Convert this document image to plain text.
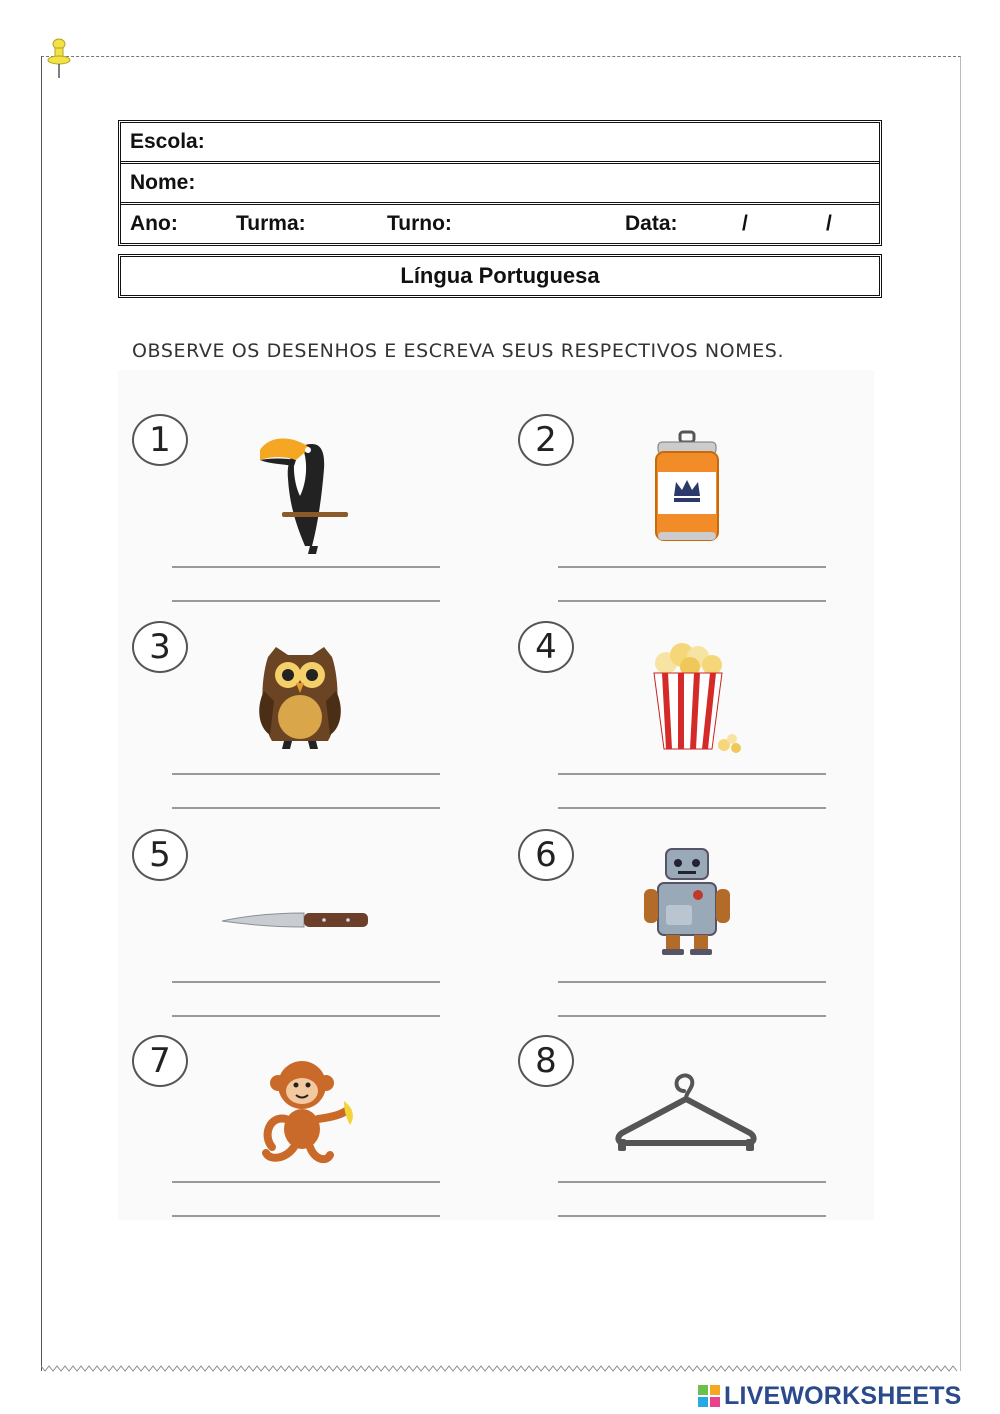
Escola:
Nome:
Ano:	Turma:	Turno:	Data:	/	/
Língua Portuguesa
OBSERVE OS DESENHOS E ESCREVA SEUS RESPECTIVOS NOMES.
1	2
3	4
5	6
7	8
LIVEWORKSHEETS
